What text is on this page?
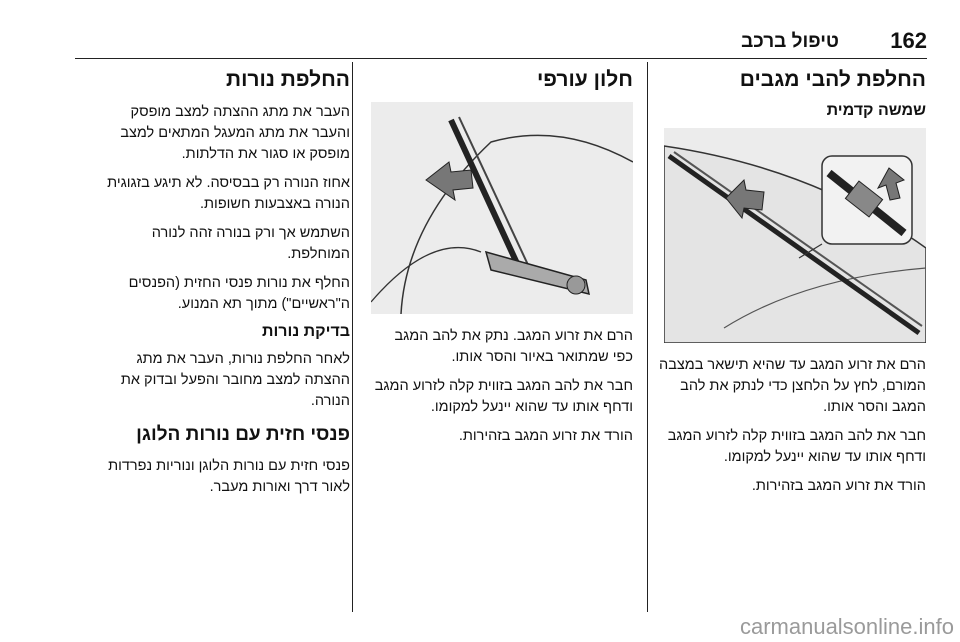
162
טיפול ברכב
החלפת להבי מגבים
שמשה קדמית

הרם את זרוע המגב עד שהיא תישאר במצבה המורם, לחץ על הלחצן כדי לנתק את להב המגב והסר אותו.

חבר את להב המגב בזווית קלה לזרוע המגב ודחף אותו עד שהוא יינעל למקומו.

הורד את זרוע המגב בזהירות.

חלון עורפי

הרם את זרוע המגב. נתק את להב המגב כפי שמתואר באיור והסר אותו.

חבר את להב המגב בזווית קלה לזרוע המגב ודחף אותו עד שהוא יינעל למקומו.

הורד את זרוע המגב בזהירות.

החלפת נורות

העבר את מתג ההצתה למצב מופסק והעבר את מתג המעגל המתאים למצב מופסק או סגור את הדלתות.

אחוז הנורה רק בבסיסה. לא תיגע בזגוגית הנורה באצבעות חשופות.

השתמש אך ורק בנורה זהה לנורה המוחלפת.

החלף את נורות פנסי החזית (הפנסים ה"ראשיים") מתוך תא המנוע.

בדיקת נורות

לאחר החלפת נורות, העבר את מתג ההצתה למצב מחובר והפעל ובדוק את הנורה.

פנסי חזית עם נורות הלוגן

פנסי חזית עם נורות הלוגן ונוריות נפרדות לאור דרך ואורות מעבר.

carmanualsonline.info
